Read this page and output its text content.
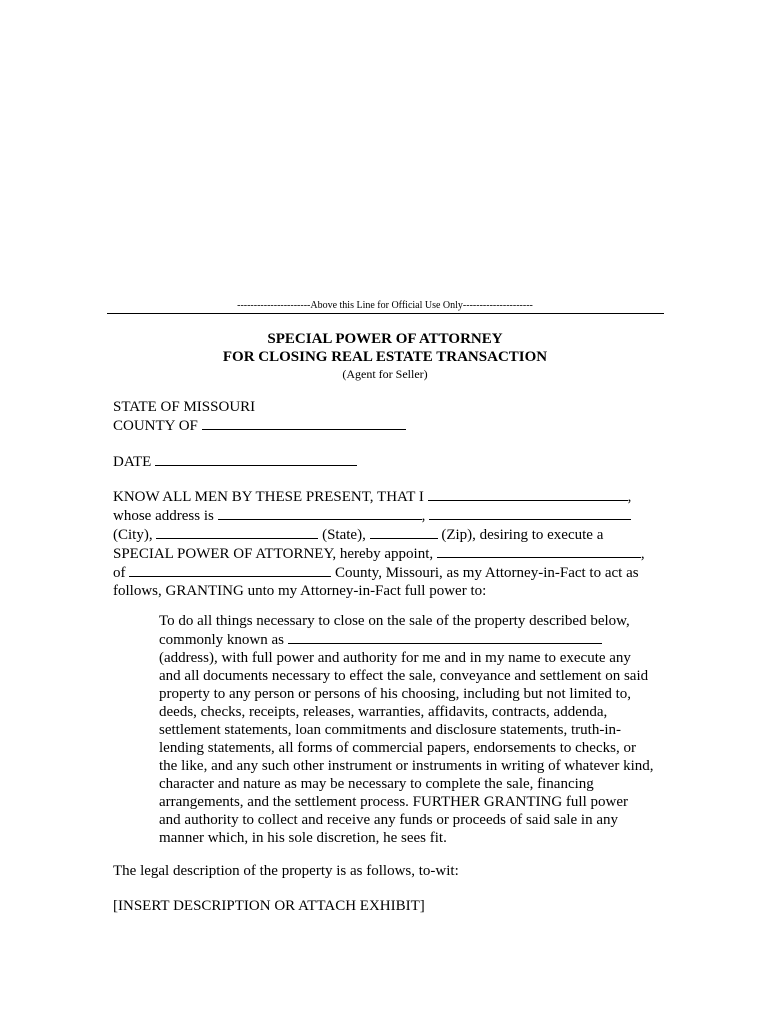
----------------------Above this Line for Official Use Only---------------------
SPECIAL POWER OF ATTORNEY
FOR CLOSING REAL ESTATE TRANSACTION
(Agent for Seller)
STATE OF MISSOURI
COUNTY OF
DATE
KNOW ALL MEN BY THESE PRESENT, THAT I	,
whose address is	,
(City),	(State),	(Zip), desiring to execute a
SPECIAL POWER OF ATTORNEY, hereby appoint,	,
of	County, Missouri, as my Attorney-in-Fact to act as
follows, GRANTING unto my Attorney-in-Fact full power to:
To do all things necessary to close on the sale of the property described below,
commonly known as
(address), with full power and authority for me and in my name to execute any
and all documents necessary to effect the sale, conveyance and settlement on said
property to any person or persons of his choosing, including but not limited to,
deeds, checks, receipts, releases, warranties, affidavits, contracts, addenda,
settlement statements, loan commitments and disclosure statements, truth-in-
lending statements, all forms of commercial papers, endorsements to checks, or
the like, and any such other instrument or instruments in writing of whatever kind,
character and nature as may be necessary to complete the sale, financing
arrangements, and the settlement process. FURTHER GRANTING full power
and authority to collect and receive any funds or proceeds of said sale in any
manner which, in his sole discretion, he sees fit.
The legal description of the property is as follows, to-wit:
[INSERT DESCRIPTION OR ATTACH EXHIBIT]
